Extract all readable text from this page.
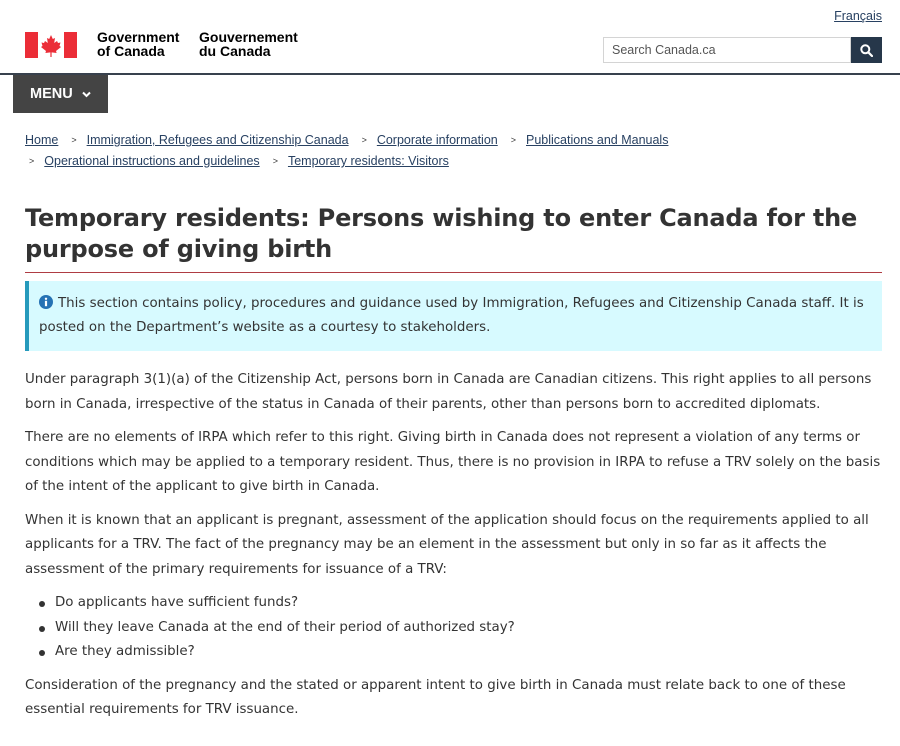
Français
Government
of Canada
Gouvernement
du Canada
Search Canada.ca
MENU
Home > Immigration, Refugees and Citizenship Canada > Corporate information > Publications and Manuals
> Operational instructions and guidelines > Temporary residents: Visitors
Temporary residents: Persons wishing to enter Canada for the purpose of giving birth
This section contains policy, procedures and guidance used by Immigration, Refugees and Citizenship Canada staff. It is posted on the Department’s website as a courtesy to stakeholders.

Under paragraph 3(1)(a) of the Citizenship Act, persons born in Canada are Canadian citizens. This right applies to all persons born in Canada, irrespective of the status in Canada of their parents, other than persons born to accredited diplomats.

There are no elements of IRPA which refer to this right. Giving birth in Canada does not represent a violation of any terms or conditions which may be applied to a temporary resident. Thus, there is no provision in IRPA to refuse a TRV solely on the basis of the intent of the applicant to give birth in Canada.

When it is known that an applicant is pregnant, assessment of the application should focus on the requirements applied to all applicants for a TRV. The fact of the pregnancy may be an element in the assessment but only in so far as it affects the assessment of the primary requirements for issuance of a TRV:

Do applicants have sufficient funds?
Will they leave Canada at the end of their period of authorized stay?
Are they admissible?

Consideration of the pregnancy and the stated or apparent intent to give birth in Canada must relate back to one of these essential requirements for TRV issuance.
